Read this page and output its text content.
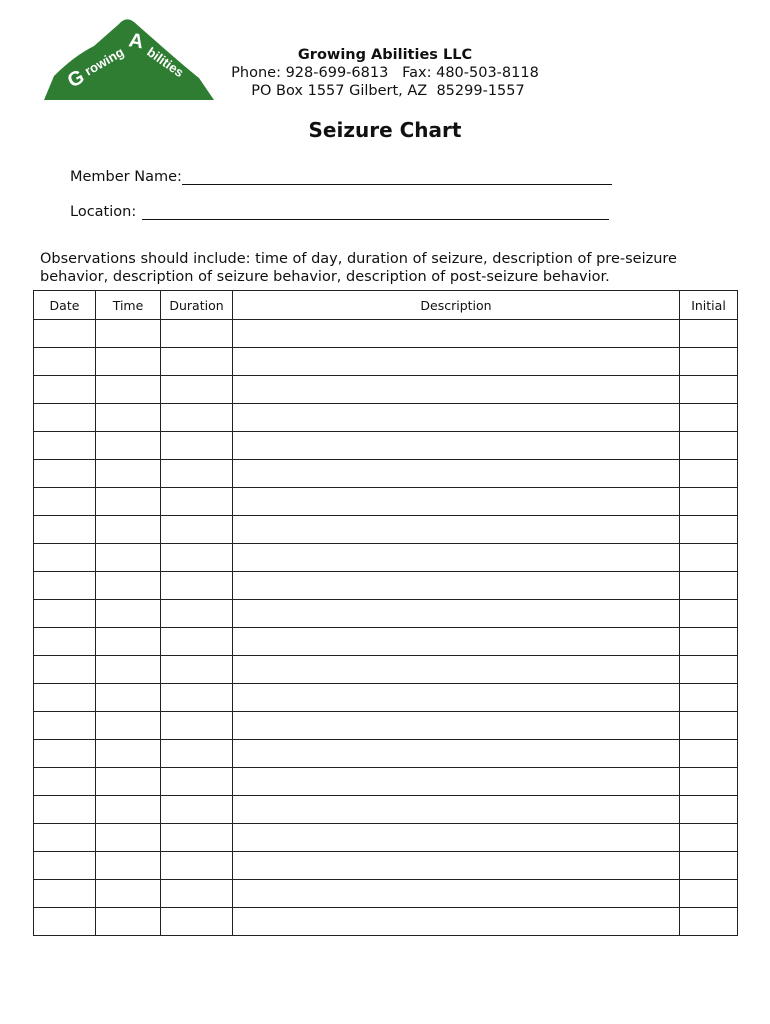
G
rowing
A
bilities	Growing Abilities LLC
Phone: 928-699-6813   Fax: 480-503-8118
PO Box 1557 Gilbert, AZ  85299-1557
Seizure Chart
Member Name:
Location:
Observations should include: time of day, duration of seizure, description of pre-seizure behavior, description of seizure behavior, description of post-seizure behavior.
Date	Time	Duration	Description	Initial
